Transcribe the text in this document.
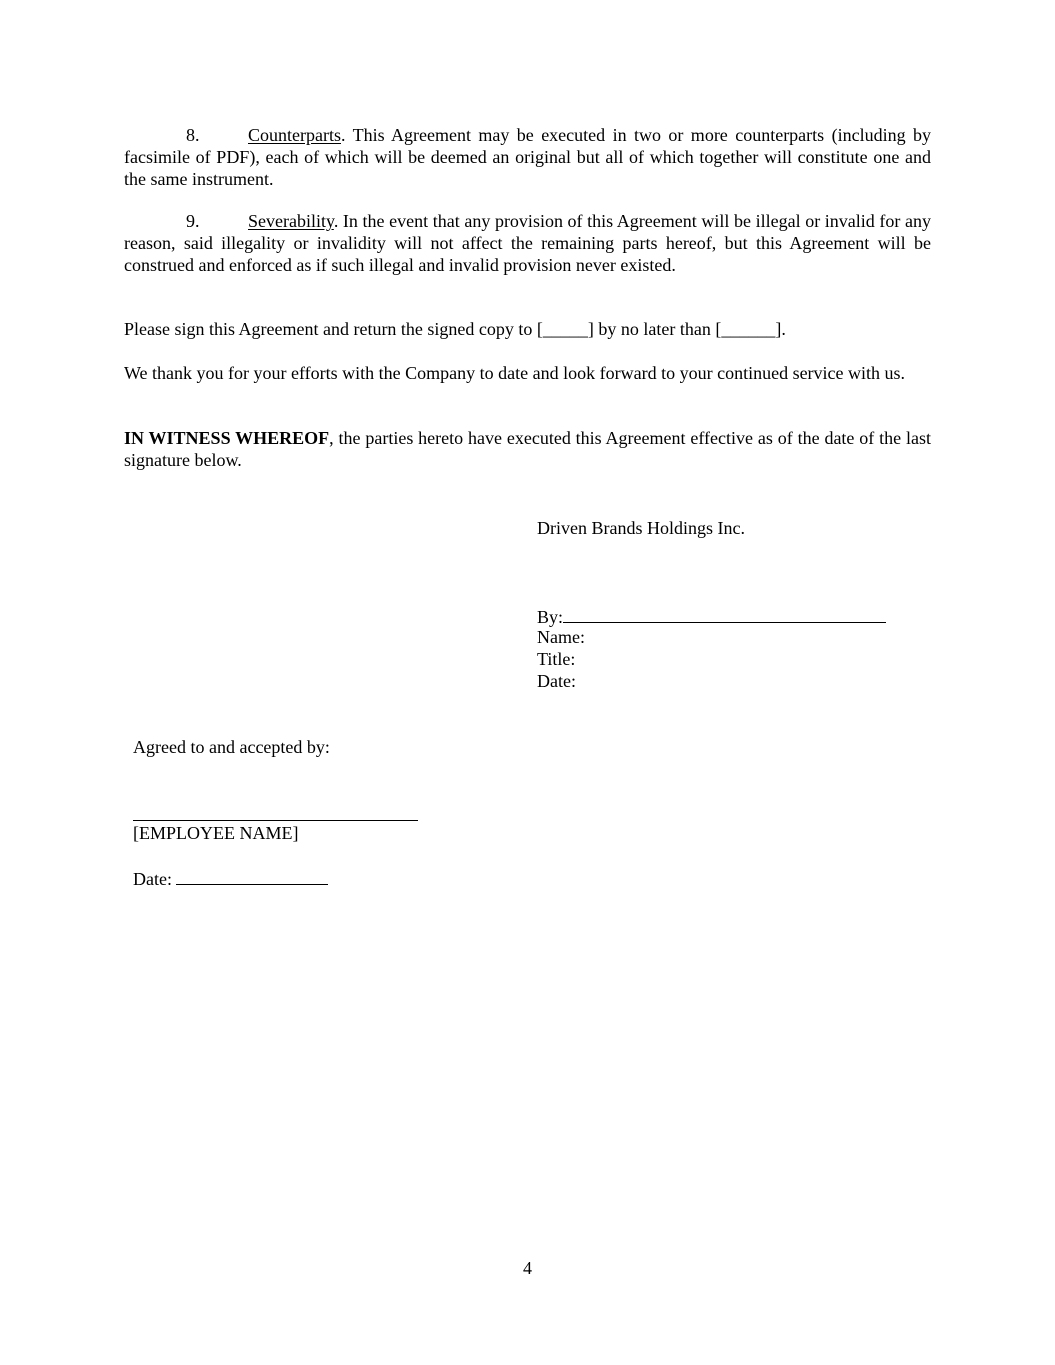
8.	Counterparts. This Agreement may be executed in two or more counterparts (including by facsimile of PDF), each of which will be deemed an original but all of which together will constitute one and the same instrument.

9.	Severability. In the event that any provision of this Agreement will be illegal or invalid for any reason, said illegality or invalidity will not affect the remaining parts hereof, but this Agreement will be construed and enforced as if such illegal and invalid provision never existed.

Please sign this Agreement and return the signed copy to [_____] by no later than [______].

We thank you for your efforts with the Company to date and look forward to your continued service with us.

IN WITNESS WHEREOF, the parties hereto have executed this Agreement effective as of the date of the last signature below.

Driven Brands Holdings Inc.

By:

Name:

Title:

Date:

Agreed to and accepted by:

[EMPLOYEE NAME]

Date:

4
